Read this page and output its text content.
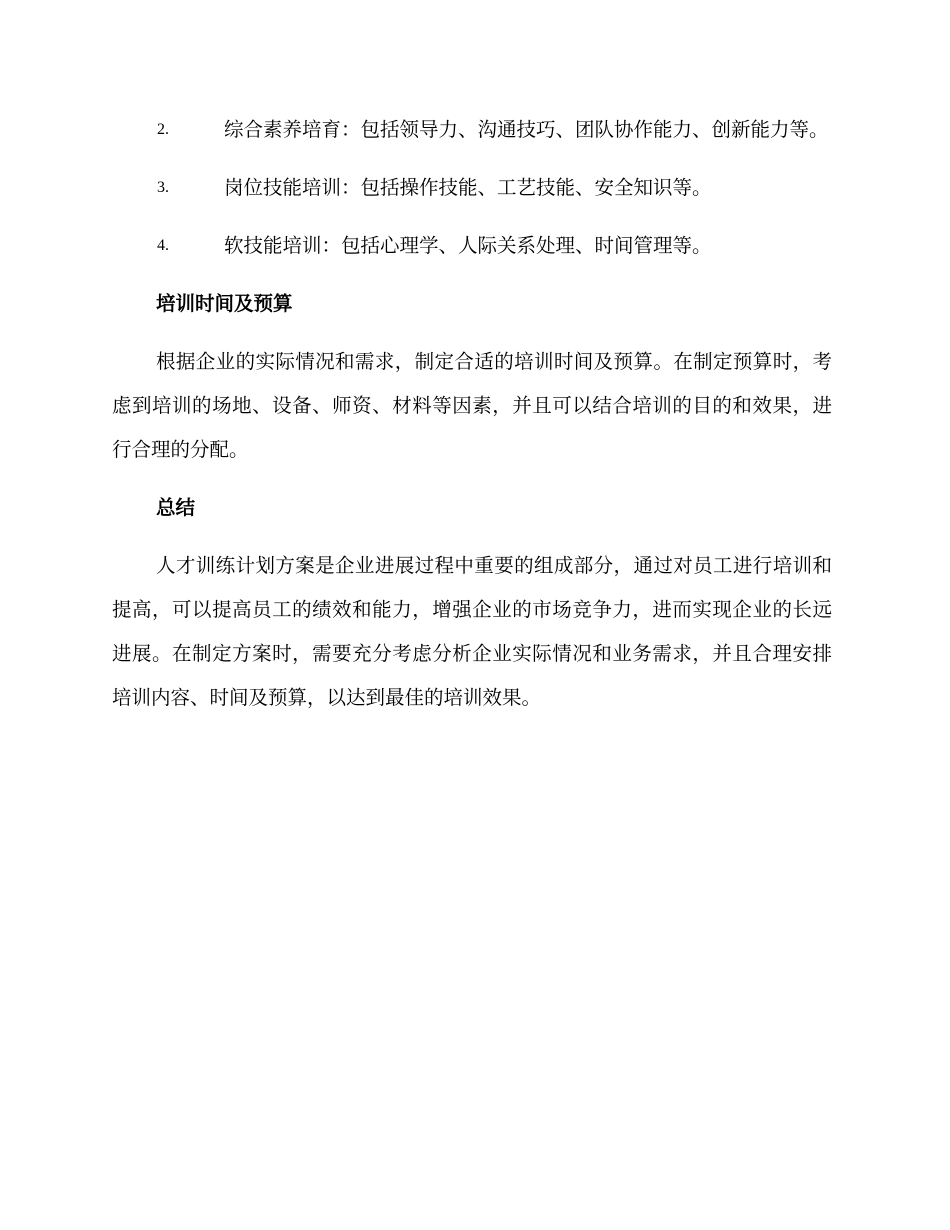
2.	综合素养培育：包括领导力、沟通技巧、团队协作能力、创新能力等。
3.	岗位技能培训：包括操作技能、工艺技能、安全知识等。
4.	软技能培训：包括心理学、人际关系处理、时间管理等。
培训时间及预算

根据企业的实际情况和需求，制定合适的培训时间及预算。在制定预算时，考虑到培训的场地、设备、师资、材料等因素，并且可以结合培训的目的和效果，进行合理的分配。

总结

人才训练计划方案是企业进展过程中重要的组成部分，通过对员工进行培训和提高，可以提高员工的绩效和能力，增强企业的市场竞争力，进而实现企业的长远进展。在制定方案时，需要充分考虑分析企业实际情况和业务需求，并且合理安排培训内容、时间及预算，以达到最佳的培训效果。
